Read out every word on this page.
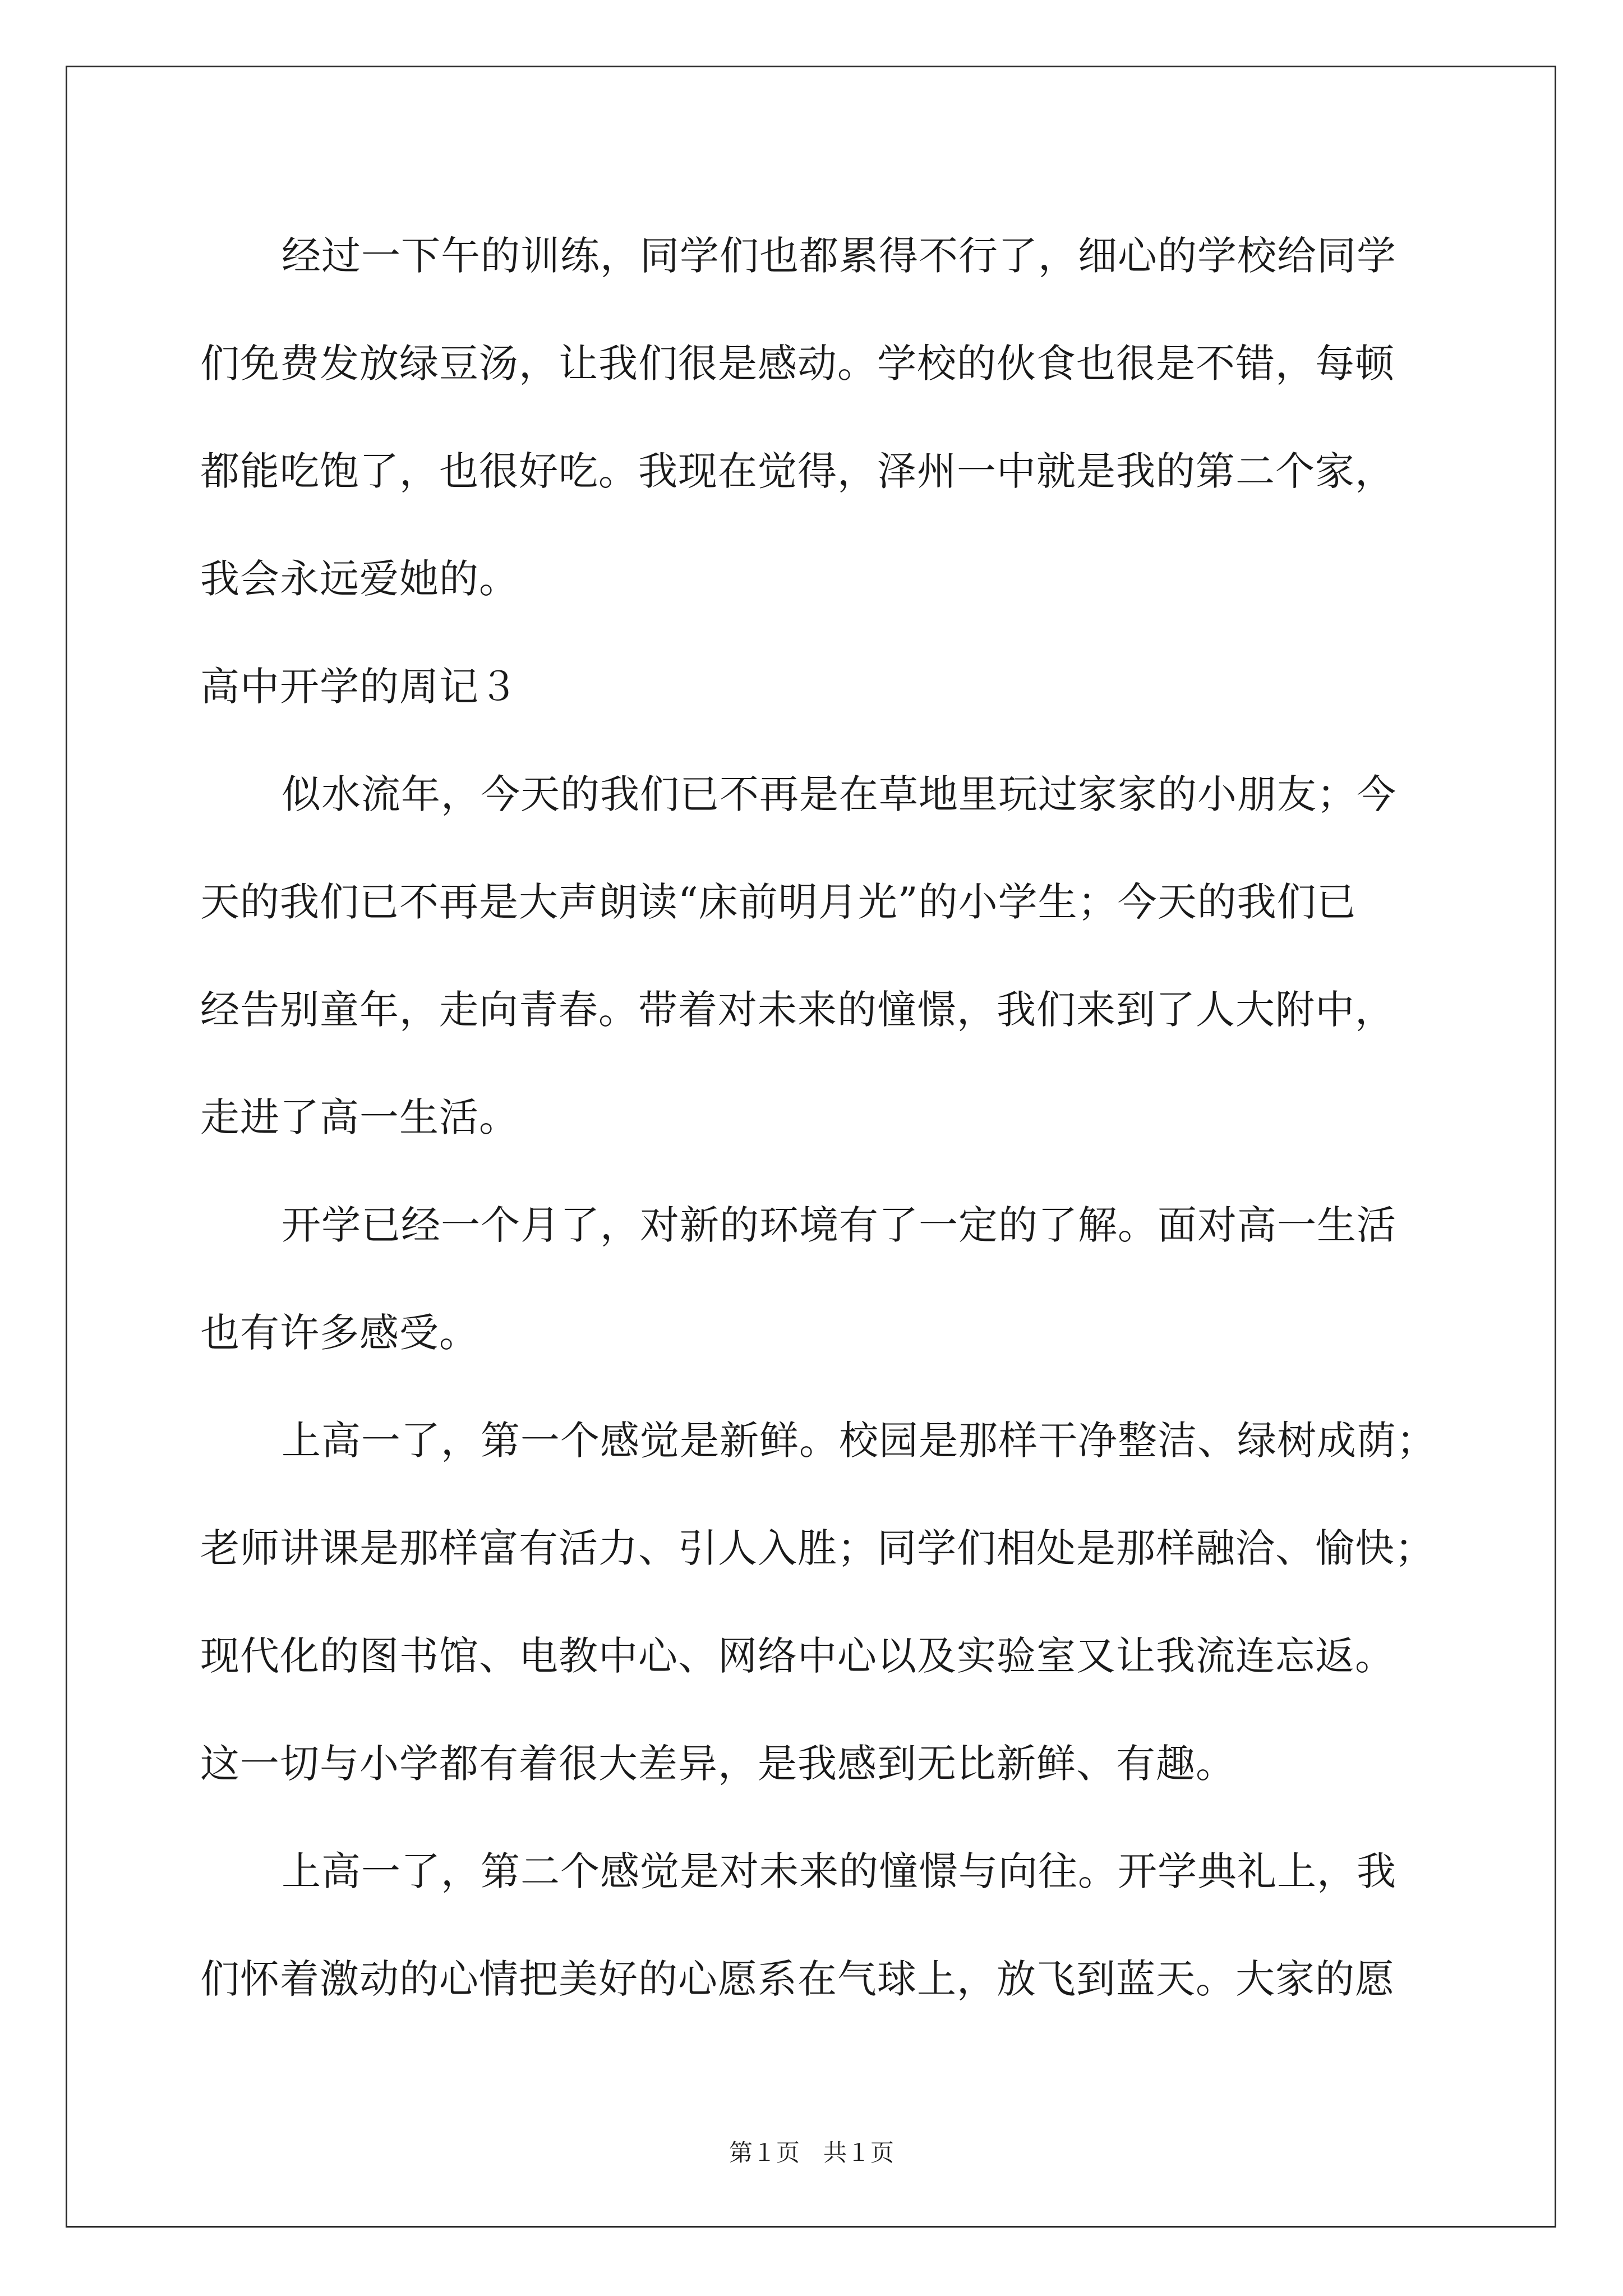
经过一下午的训练，同学们也都累得不行了，细心的学校给同学
们免费发放绿豆汤，让我们很是感动。学校的伙食也很是不错，每顿
都能吃饱了，也很好吃。我现在觉得，泽州一中就是我的第二个家，
我会永远爱她的。
高中开学的周记３
似水流年，今天的我们已不再是在草地里玩过家家的小朋友；今
天的我们已不再是大声朗读“床前明月光”的小学生；今天的我们已
经告别童年，走向青春。带着对未来的憧憬，我们来到了人大附中，
走进了高一生活。
开学已经一个月了，对新的环境有了一定的了解。面对高一生活
也有许多感受。
上高一了，第一个感觉是新鲜。校园是那样干净整洁、绿树成荫；
老师讲课是那样富有活力、引人入胜；同学们相处是那样融洽、愉快；
现代化的图书馆、电教中心、网络中心以及实验室又让我流连忘返。
这一切与小学都有着很大差异，是我感到无比新鲜、有趣。
上高一了，第二个感觉是对未来的憧憬与向往。开学典礼上，我
们怀着激动的心情把美好的心愿系在气球上，放飞到蓝天。大家的愿
第１页　共１页
